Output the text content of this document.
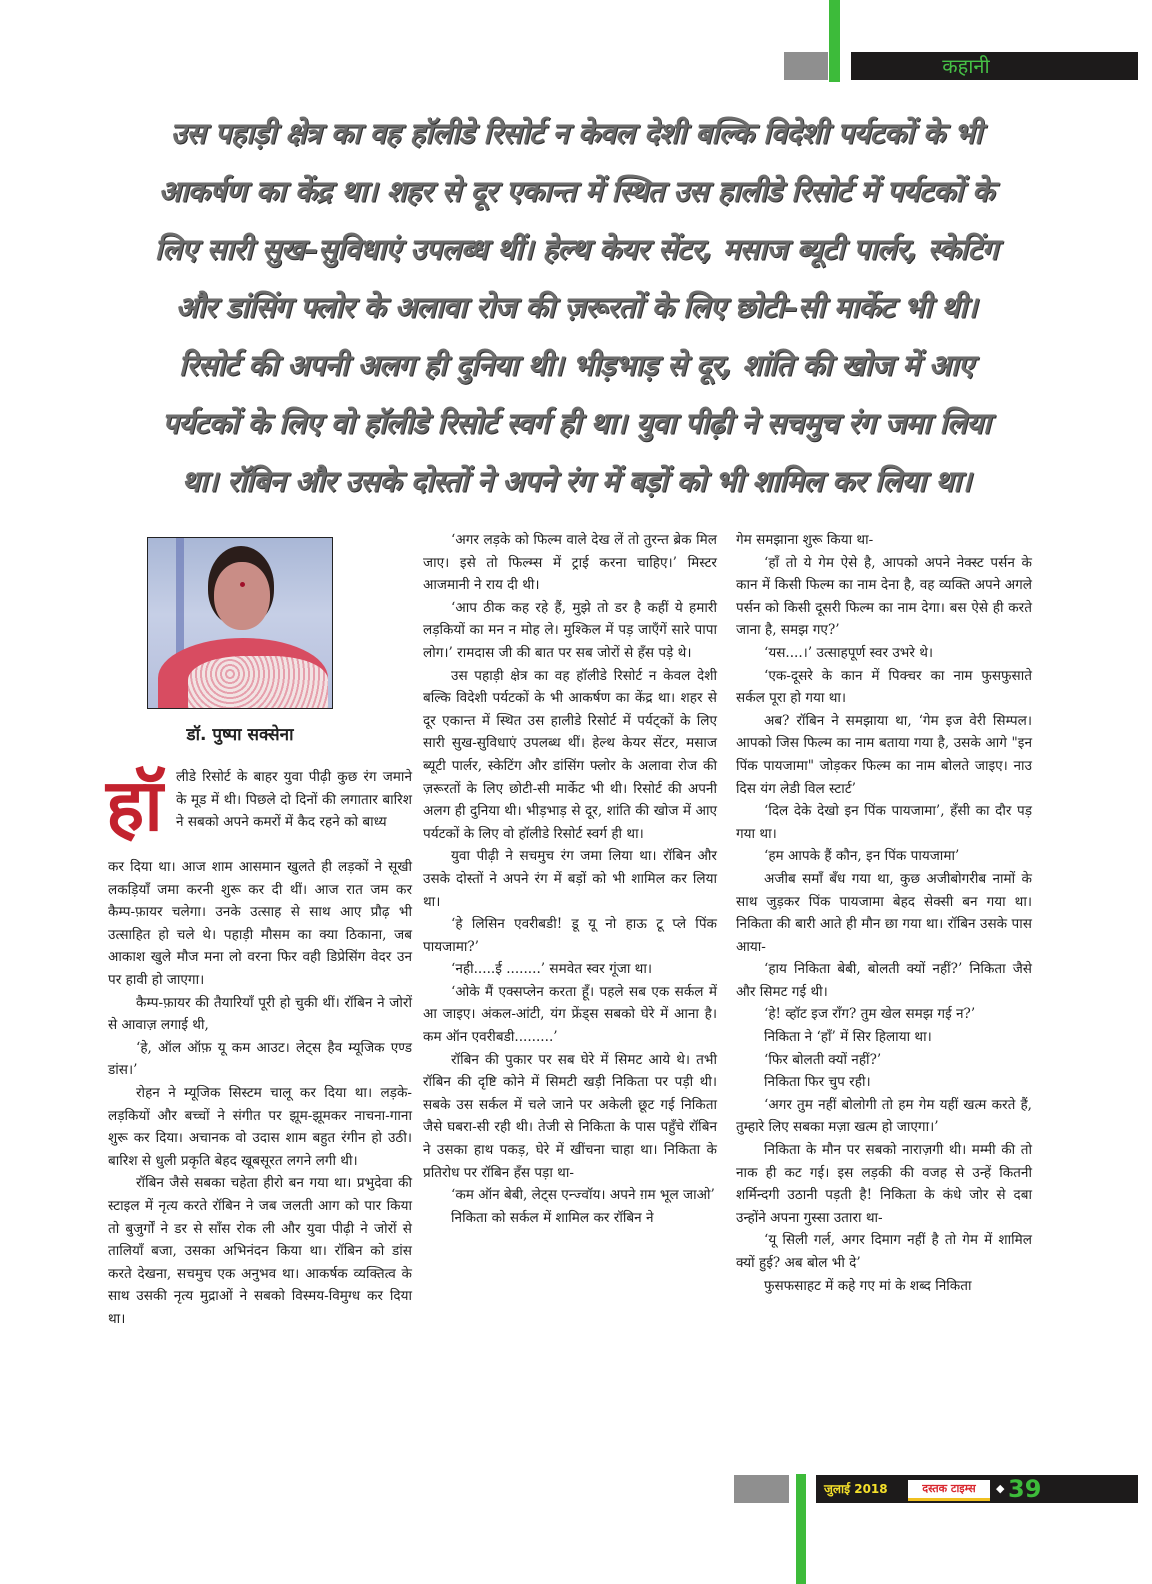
कहानी
उस पहाड़ी क्षेत्र का वह हॉलीडे रिसोर्ट न केवल देशी बल्कि विदेशी पर्यटकों के भी
आकर्षण का केंद्र था। शहर से दूर एकान्त में स्थित उस हालीडे रिसोर्ट में पर्यटकों के
लिए सारी सुख–सुविधाएं उपलब्ध थीं। हेल्थ केयर सेंटर, मसाज ब्यूटी पार्लर, स्केटिंग
और डांसिंग फ्लोर के अलावा रोज की ज़रूरतों के लिए छोटी–सी मार्केट भी थी।
रिसोर्ट की अपनी अलग ही दुनिया थी। भीड़भाड़ से दूर, शांति की खोज में आए
पर्यटकों के लिए वो हॉलीडे रिसोर्ट स्वर्ग ही था। युवा पीढ़ी ने सचमुच रंग जमा लिया
था। रॉबिन और उसके दोस्तों ने अपने रंग में बड़ों को भी शामिल कर लिया था।
डॉ. पुष्पा सक्सेना
हॉ लीडे रिसोर्ट के बाहर युवा पीढ़ी कुछ रंग जमाने के मूड में थी। पिछले दो दिनों की लगातार बारिश ने सबको अपने कमरों में कैद रहने को बाध्य

कर दिया था। आज शाम आसमान खुलते ही लड़कों ने सूखी लकड़ियाँ जमा करनी शुरू कर दी थीं। आज रात जम कर कैम्प-फ़ायर चलेगा। उनके उत्साह से साथ आए प्रौढ़ भी उत्साहित हो चले थे। पहाड़ी मौसम का क्या ठिकाना, जब आकाश खुले मौज मना लो वरना फिर वही डिप्रेसिंग वेदर उन पर हावी हो जाएगा।

कैम्प-फ़ायर की तैयारियाँ पूरी हो चुकी थीं। रॉबिन ने जोरों से आवाज़ लगाई थी,

‘हे, ऑल ऑफ़ यू कम आउट। लेट्स हैव म्यूजिक एण्ड डांस।’

रोहन ने म्यूजिक सिस्टम चालू कर दिया था। लड़के-लड़कियों और बच्चों ने संगीत पर झूम-झूमकर नाचना-गाना शुरू कर दिया। अचानक वो उदास शाम बहुत रंगीन हो उठी। बारिश से धुली प्रकृति बेहद खूबसूरत लगने लगी थी।

रॉबिन जैसे सबका चहेता हीरो बन गया था। प्रभुदेवा की स्टाइल में नृत्य करते रॉबिन ने जब जलती आग को पार किया तो बुजुर्गों ने डर से साँस रोक ली और युवा पीढ़ी ने जोरों से तालियाँ बजा, उसका अभिनंदन किया था। रॉबिन को डांस करते देखना, सचमुच एक अनुभव था। आकर्षक व्यक्तित्व के साथ उसकी नृत्य मुद्राओं ने सबको विस्मय-विमुग्ध कर दिया था।

‘अगर लड़के को फिल्म वाले देख लें तो तुरन्त ब्रेक मिल जाए। इसे तो फिल्म्स में ट्राई करना चाहिए।’ मिस्टर आजमानी ने राय दी थी।

‘आप ठीक कह रहे हैं, मुझे तो डर है कहीं ये हमारी लड़कियों का मन न मोह ले। मुश्किल में पड़ जाएँगें सारे पापा लोग।’ रामदास जी की बात पर सब जोरों से हँस पड़े थे।

उस पहाड़ी क्षेत्र का वह हॉलीडे रिसोर्ट न केवल देशी बल्कि विदेशी पर्यटकों के भी आकर्षण का केंद्र था। शहर से दूर एकान्त में स्थित उस हालीडे रिसोर्ट में पर्यट्कों के लिए सारी सुख-सुविधाएं उपलब्ध थीं। हेल्थ केयर सेंटर, मसाज ब्यूटी पार्लर, स्केटिंग और डांसिंग फ्लोर के अलावा रोज की ज़रूरतों के लिए छोटी-सी मार्केट भी थी। रिसोर्ट की अपनी अलग ही दुनिया थी। भीड़भाड़ से दूर, शांति की खोज में आए पर्यटकों के लिए वो हॉलीडे रिसोर्ट स्वर्ग ही था।

युवा पीढ़ी ने सचमुच रंग जमा लिया था। रॉबिन और उसके दोस्तों ने अपने रंग में बड़ों को भी शामिल कर लिया था।

‘हे लिसिन एवरीबडी! डू यू नो हाऊ टू प्ले पिंक पायजामा?’

‘नही.....ई ........’ समवेत स्वर गूंजा था।

‘ओके मैं एक्सप्लेन करता हूँ। पहले सब एक सर्कल में आ जाइए। अंकल-आंटी, यंग फ्रेंड्स सबको घेरे में आना है। कम ऑन एवरीबडी.........’

रॉबिन की पुकार पर सब घेरे में सिमट आये थे। तभी रॉबिन की दृष्टि कोने में सिमटी खड़ी निकिता पर पड़ी थी। सबके उस सर्कल में चले जाने पर अकेली छूट गई निकिता जैसे घबरा-सी रही थी। तेजी से निकिता के पास पहुँचे रॉबिन ने उसका हाथ पकड़, घेरे में खींचना चाहा था। निकिता के प्रतिरोध पर रॉबिन हँस पड़ा था-

‘कम ऑन बेबी, लेट्स एन्ज्वॉय। अपने ग़म भूल जाओ’

निकिता को सर्कल में शामिल कर रॉबिन ने

गेम समझाना शुरू किया था-

‘हाँ तो ये गेम ऐसे है, आपको अपने नेक्स्ट पर्सन के कान में किसी फिल्म का नाम देना है, वह व्यक्ति अपने अगले पर्सन को किसी दूसरी फिल्म का नाम देगा। बस ऐसे ही करते जाना है, समझ गए?’

‘यस....।’ उत्साहपूर्ण स्वर उभरे थे।

‘एक-दूसरे के कान में पिक्चर का नाम फुसफुसाते सर्कल पूरा हो गया था।

अब? रॉबिन ने समझाया था, ‘गेम इज वेरी सिम्पल। आपको जिस फिल्म का नाम बताया गया है, उसके आगे "इन पिंक पायजामा" जोड़कर फिल्म का नाम बोलते जाइए। नाउ दिस यंग लेडी विल स्टार्ट’

‘दिल देके देखो इन पिंक पायजामा’, हँसी का दौर पड़ गया था।

‘हम आपके हैं कौन, इन पिंक पायजामा’

अजीब समाँ बँध गया था, कुछ अजीबोगरीब नामों के साथ जुड़कर पिंक पायजामा बेहद सेक्सी बन गया था। निकिता की बारी आते ही मौन छा गया था। रॉबिन उसके पास आया-

‘हाय निकिता बेबी, बोलती क्यों नहीं?’ निकिता जैसे और सिमट गई थी।

‘हे! व्हॉट इज रॉंग? तुम खेल समझ गई न?’

निकिता ने ‘हाँ’ में सिर हिलाया था।

‘फिर बोलती क्यों नहीं?’

निकिता फिर चुप रही।

‘अगर तुम नहीं बोलोगी तो हम गेम यहीं खत्म करते हैं, तुम्हारे लिए सबका मज़ा खत्म हो जाएगा।’

निकिता के मौन पर सबको नाराज़गी थी। मम्मी की तो नाक ही कट गई। इस लड़की की वजह से उन्हें कितनी शर्मिन्दगी उठानी पड़ती है! निकिता के कंधे जोर से दबा उन्होंने अपना गुस्सा उतारा था-

‘यू सिली गर्ल, अगर दिमाग नहीं है तो गेम में शामिल क्यों हुई? अब बोल भी दे’

फुसफसाहट में कहे गए मां के शब्द निकिता

जुलाई 2018	दस्तक टाइम्स	◆ 39
